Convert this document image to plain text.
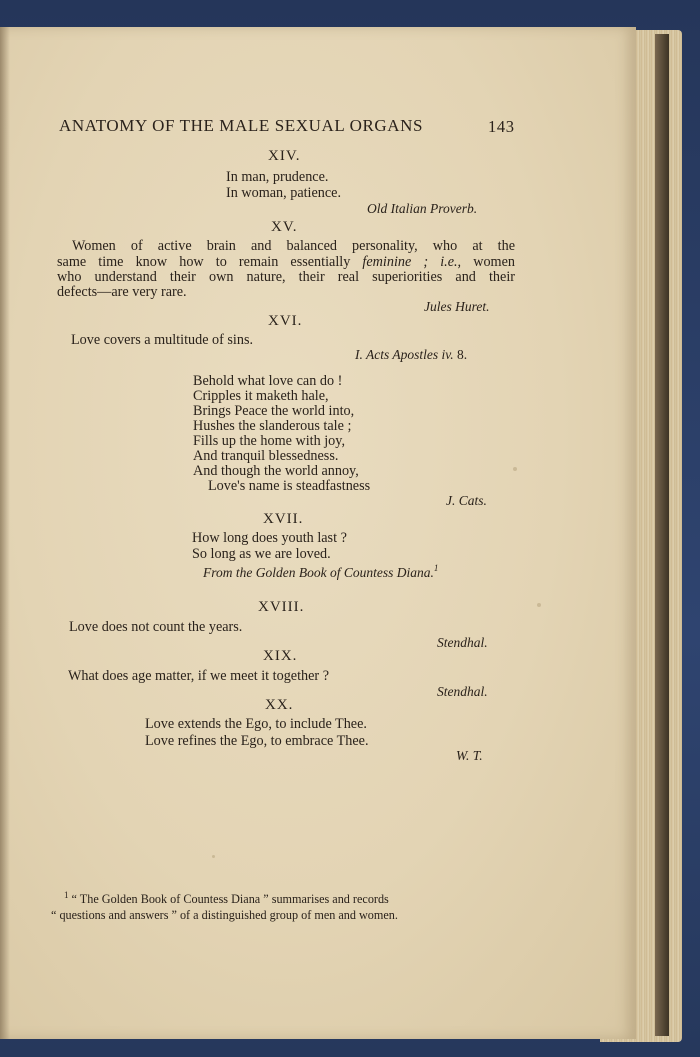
ANATOMY OF THE MALE SEXUAL ORGANS	143
XIV.
In man, prudence.
In woman, patience.
Old Italian Proverb.
XV.
Women of active brain and balanced personality, who at the
same time know how to remain essentially feminine ; i.e., women
who understand their own nature, their real superiorities and their
defects—are very rare.
Jules Huret.
XVI.
Love covers a multitude of sins.
I. Acts Apostles iv. 8.
Behold what love can do !
Cripples it maketh hale,
Brings Peace the world into,
Hushes the slanderous tale ;
Fills up the home with joy,
And tranquil blessedness.
And though the world annoy,
Love's name is steadfastness
J. Cats.
XVII.
How long does youth last ?
So long as we are loved.
From the Golden Book of Countess Diana.$^1$
XVIII.
Love does not count the years.
Stendhal.
XIX.
What does age matter, if we meet it together ?
Stendhal.
XX.
Love extends the Ego, to include Thee.
Love refines the Ego, to embrace Thee.
W. T.
$^1$ “ The Golden Book of Countess Diana ” summarises and records
“ questions and answers ” of a distinguished group of men and women.
